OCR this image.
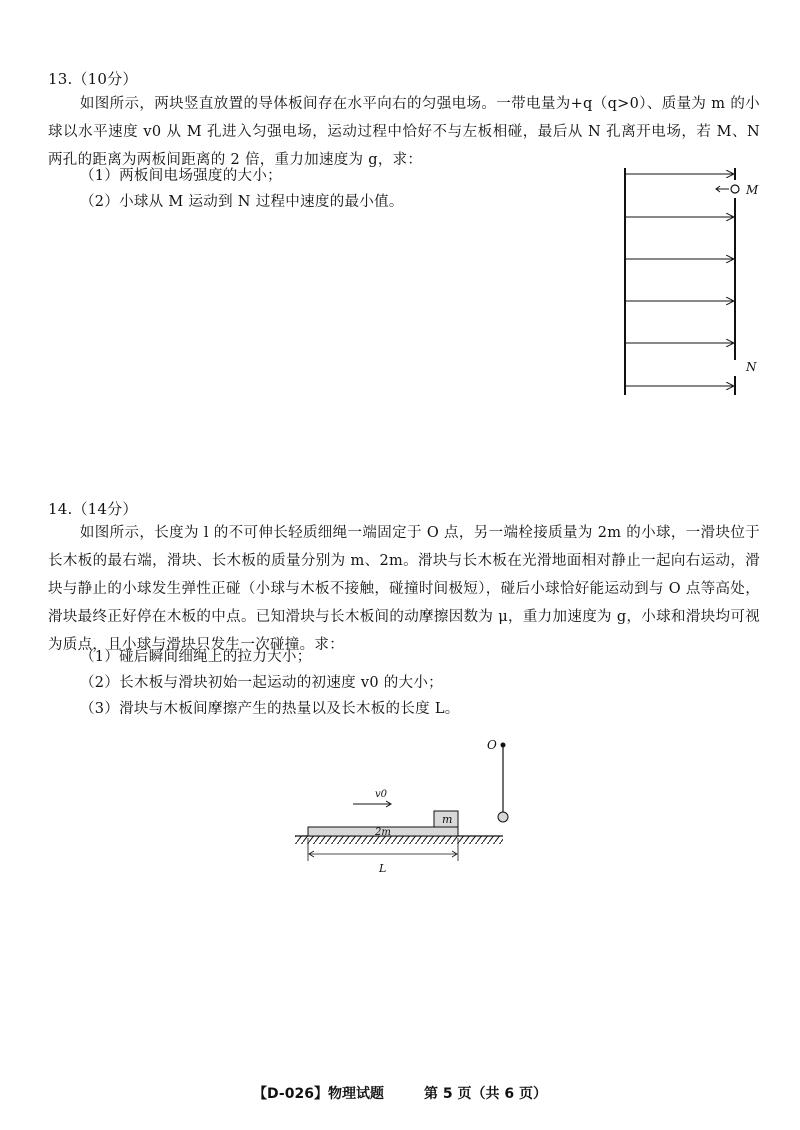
13.（10分）
如图所示，两块竖直放置的导体板间存在水平向右的匀强电场。一带电量为+q（q>0）、质量为 m 的小球以水平速度 v0 从 M 孔进入匀强电场，运动过程中恰好不与左板相碰，最后从 N 孔离开电场，若 M、N 两孔的距离为两板间距离的 2 倍，重力加速度为 g，求：
（1）两板间电场强度的大小；
（2）小球从 M 运动到 N 过程中速度的最小值。
M
N
14.（14分）
如图所示，长度为 l 的不可伸长轻质细绳一端固定于 O 点，另一端栓接质量为 2m 的小球，一滑块位于长木板的最右端，滑块、长木板的质量分别为 m、2m。滑块与长木板在光滑地面相对静止一起向右运动，滑块与静止的小球发生弹性正碰（小球与木板不接触，碰撞时间极短），碰后小球恰好能运动到与 O 点等高处，滑块最终正好停在木板的中点。已知滑块与长木板间的动摩擦因数为 μ，重力加速度为 g，小球和滑块均可视为质点，且小球与滑块只发生一次碰撞。求：
（1）碰后瞬间细绳上的拉力大小；
（2）长木板与滑块初始一起运动的初速度 v0 的大小；
（3）滑块与木板间摩擦产生的热量以及长木板的长度 L。
O
2m
m
v0
L
【D-026】物理试题	第 5 页（共 6 页）
